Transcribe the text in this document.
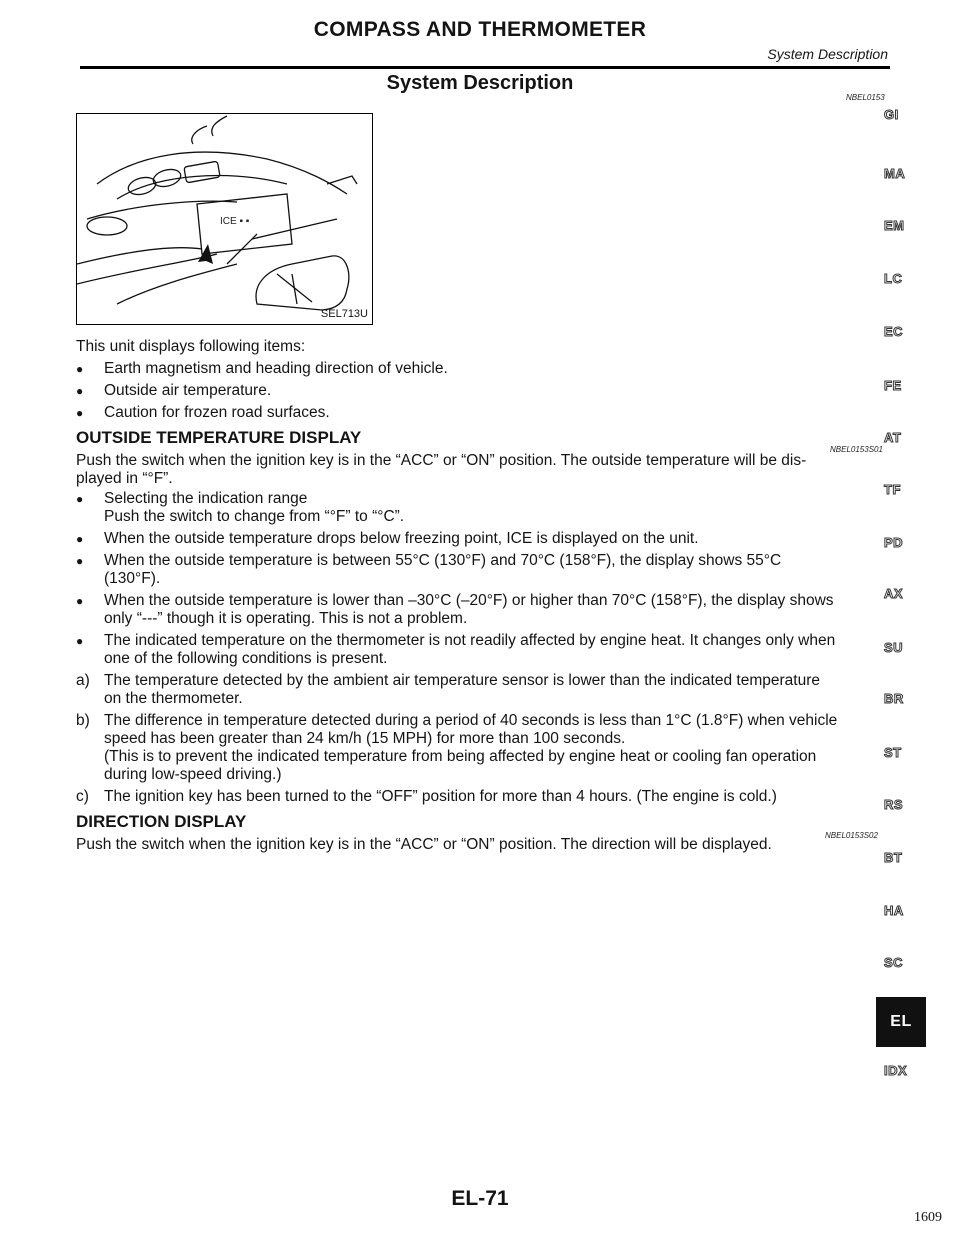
COMPASS AND THERMOMETER
System Description
System Description
NBEL0153
ICE ▪ ▪
SEL713U
This unit displays following items:
● Earth magnetism and heading direction of vehicle.
● Outside air temperature.
● Caution for frozen road surfaces.
OUTSIDE TEMPERATURE DISPLAY
NBEL0153S01
Push the switch when the ignition key is in the “ACC” or “ON” position. The outside temperature will be dis-
played in “°F”.
● Selecting the indication range
Push the switch to change from “°F” to “°C”.
● When the outside temperature drops below freezing point, ICE is displayed on the unit.
● When the outside temperature is between 55°C (130°F) and 70°C (158°F), the display shows 55°C
(130°F).
● When the outside temperature is lower than –30°C (–20°F) or higher than 70°C (158°F), the display shows
only “---” though it is operating. This is not a problem.
● The indicated temperature on the thermometer is not readily affected by engine heat. It changes only when
one of the following conditions is present.
a) The temperature detected by the ambient air temperature sensor is lower than the indicated temperature
on the thermometer.
b) The difference in temperature detected during a period of 40 seconds is less than 1°C (1.8°F) when vehicle
speed has been greater than 24 km/h (15 MPH) for more than 100 seconds.
(This is to prevent the indicated temperature from being affected by engine heat or cooling fan operation
during low-speed driving.)
c) The ignition key has been turned to the “OFF” position for more than 4 hours. (The engine is cold.)
DIRECTION DISPLAY
NBEL0153S02
Push the switch when the ignition key is in the “ACC” or “ON” position. The direction will be displayed.
GI
MA
EM
LC
EC
FE
AT
TF
PD
AX
SU
BR
ST
RS
BT
HA
SC
EL
IDX
EL-71
1609
